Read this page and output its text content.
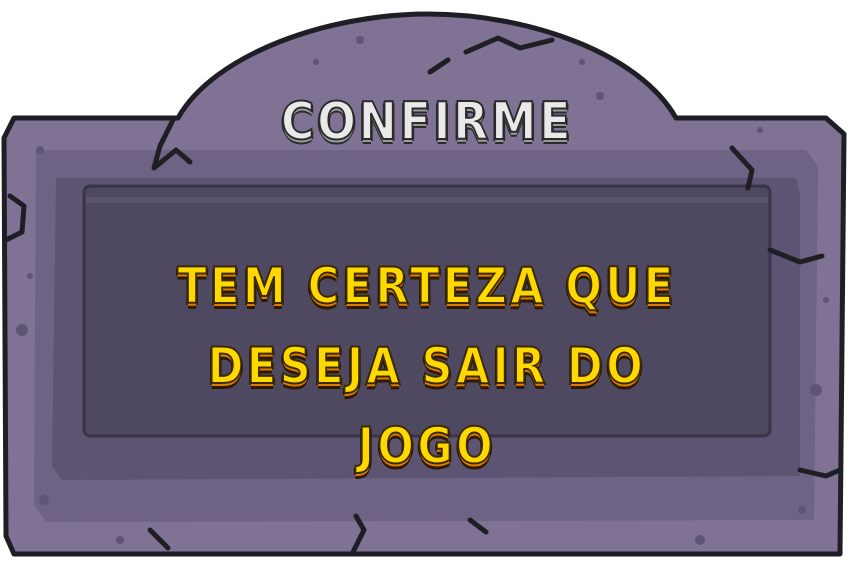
CONFIRME
TEM CERTEZA QUE
DESEJA SAIR DO JOGO
